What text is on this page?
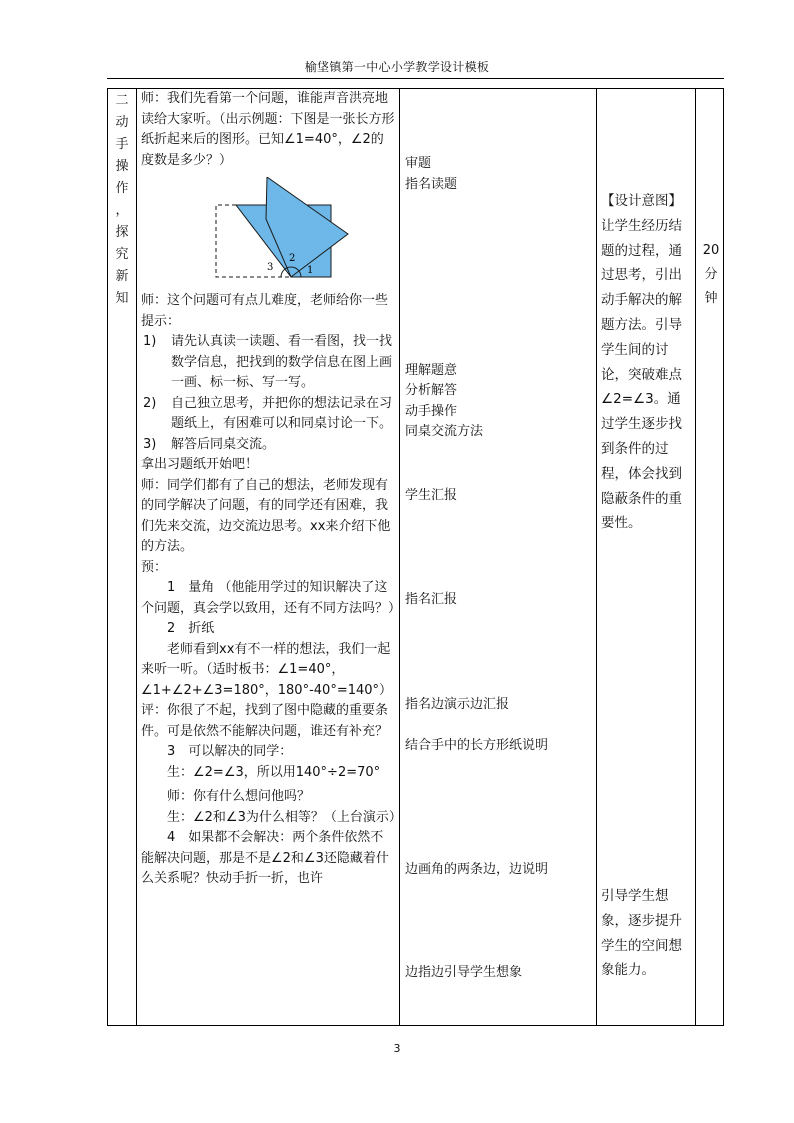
榆垡镇第一中心小学教学设计模板
二
动
手
操
作
，
探
究
新
知

师：我们先看第一个问题，谁能声音洪亮地读给大家听。（出示例题：下图是一张长方形纸折起来后的图形。已知∠1=40°，∠2的度数是多少？）

3
2
1

师：这个问题可有点儿难度，老师给你一些提示：

1) 请先认真读一读题、看一看图，找一找数学信息，把找到的数学信息在图上画一画、标一标、写一写。
2) 自己独立思考，并把你的想法记录在习题纸上，有困难可以和同桌讨论一下。
3) 解答后同桌交流。

拿出习题纸开始吧！

师：同学们都有了自己的想法，老师发现有的同学解决了问题，有的同学还有困难，我们先来交流，边交流边思考。xx来介绍下他的方法。

预：

1　量角 （他能用学过的知识解决了这个问题，真会学以致用，还有不同方法吗？）

2　折纸

老师看到xx有不一样的想法，我们一起来听一听。（适时板书：∠1=40°，∠1+∠2+∠3=180°，180°-40°=140°）

评：你很了不起，找到了图中隐藏的重要条件。可是依然不能解决问题，谁还有补充？

3　可以解决的同学：

生：∠2=∠3，所以用140°÷2=70°

师：你有什么想问他吗？

生：∠2和∠3为什么相等？（上台演示）

4　如果都不会解决：两个条件依然不能解决问题，那是不是∠2和∠3还隐藏着什么关系呢？快动手折一折，也许

审题
指名读题
理解题意
分析解答
动手操作
同桌交流方法
学生汇报
指名汇报
指名边演示边汇报
结合手中的长方形纸说明
边画角的两条边，边说明
边指边引导学生想象
【设计意图】
让学生经历结题的过程，通过思考，引出动手解决的解题方法。引导学生间的讨论，突破难点∠2=∠3。通过学生逐步找到条件的过程，体会找到隐蔽条件的重要性。
引导学生想象，逐步提升学生的空间想象能力。
20
分
钟
3
